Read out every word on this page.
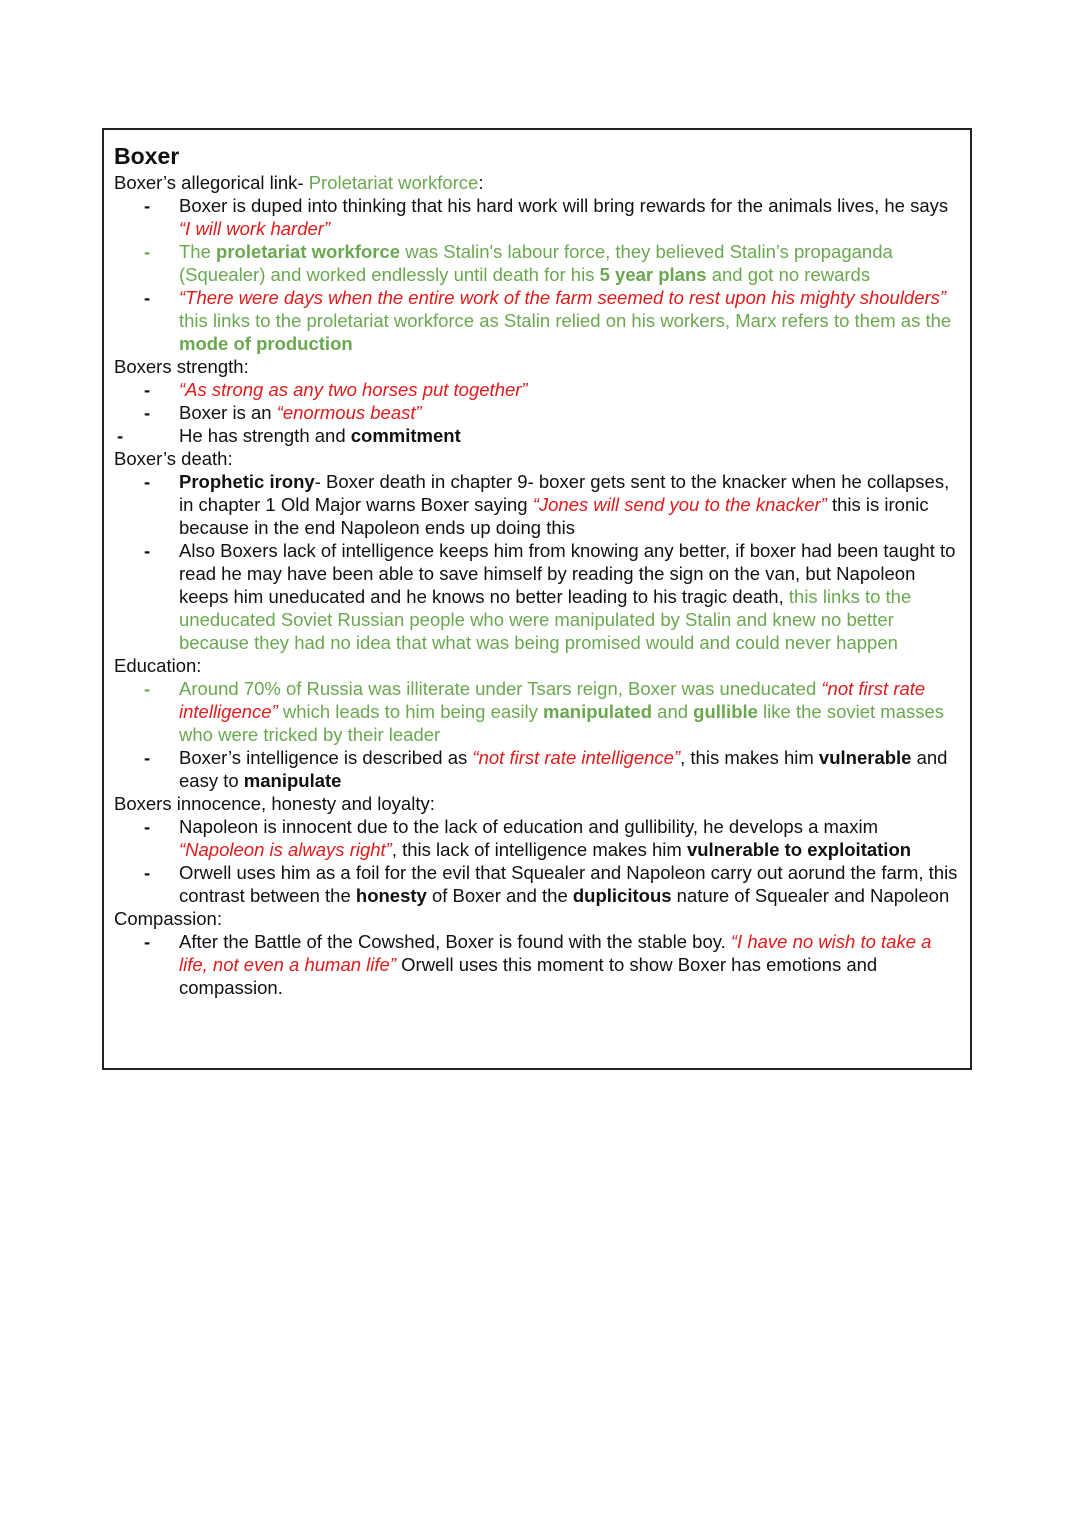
Boxer
Boxer’s allegorical link- Proletariat workforce:
- Boxer is duped into thinking that his hard work will bring rewards for the animals lives, he says “I will work harder”
- The proletariat workforce was Stalin's labour force, they believed Stalin’s propaganda (Squealer) and worked endlessly until death for his 5 year plans and got no rewards
- “There were days when the entire work of the farm seemed to rest upon his mighty shoulders” this links to the proletariat workforce as Stalin relied on his workers, Marx refers to them as the mode of production
Boxers strength:
- “As strong as any two horses put together”
- Boxer is an “enormous beast”
-	He has strength and commitment
Boxer’s death:
- Prophetic irony- Boxer death in chapter 9- boxer gets sent to the knacker when he collapses, in chapter 1 Old Major warns Boxer saying “Jones will send you to the knacker” this is ironic because in the end Napoleon ends up doing this
- Also Boxers lack of intelligence keeps him from knowing any better, if boxer had been taught to read he may have been able to save himself by reading the sign on the van, but Napoleon keeps him uneducated and he knows no better leading to his tragic death, this links to the uneducated Soviet Russian people who were manipulated by Stalin and knew no better because they had no idea that what was being promised would and could never happen
Education:
- Around 70% of Russia was illiterate under Tsars reign, Boxer was uneducated “not first rate intelligence” which leads to him being easily manipulated and gullible like the soviet masses who were tricked by their leader
- Boxer’s intelligence is described as “not first rate intelligence”, this makes him vulnerable and easy to manipulate
Boxers innocence, honesty and loyalty:
- Napoleon is innocent due to the lack of education and gullibility, he develops a maxim “Napoleon is always right”, this lack of intelligence makes him vulnerable to exploitation
- Orwell uses him as a foil for the evil that Squealer and Napoleon carry out aorund the farm, this contrast between the honesty of Boxer and the duplicitous nature of Squealer and Napoleon
Compassion:
- After the Battle of the Cowshed, Boxer is found with the stable boy. “I have no wish to take a life, not even a human life” Orwell uses this moment to show Boxer has emotions and compassion.
